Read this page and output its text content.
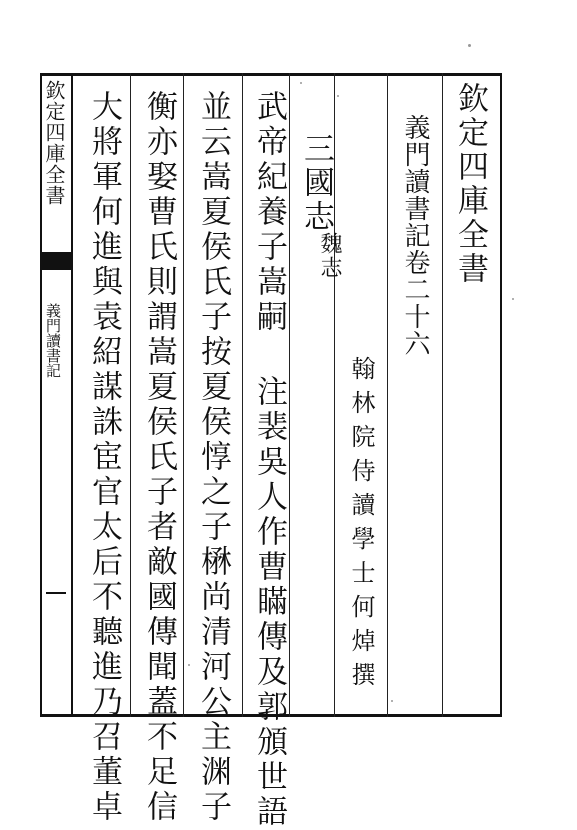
欽定四庫全書
義門讀書記
欽定四庫全書
義門讀書記卷二十六
翰林院侍讀學士何焯撰
三國志
魏志
武帝紀養子嵩嗣 注裴吳人作曹瞞傳及郭頒世語
並云嵩夏侯氏子按夏侯惇之子楙尚清河公主渊子
衡亦娶曹氏則謂嵩夏侯氏子者敵國傳聞蓋不足信
大將軍何進與袁紹謀誅宦官太后不聽進乃召董卓
